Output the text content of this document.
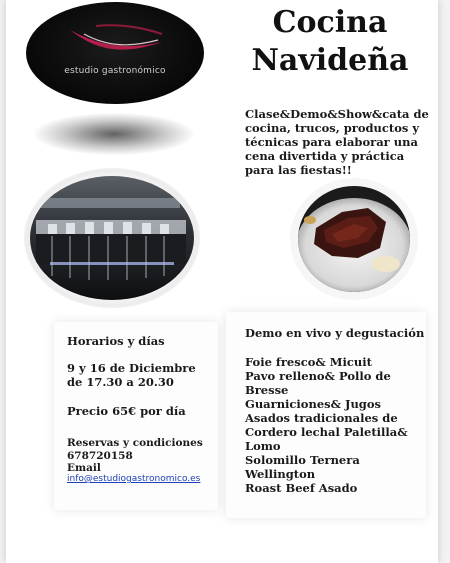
estudio gastronómico
Cocina
Navideña
Clase&Demo&Show&cata de cocina, trucos, productos y técnicas para elaborar una cena divertida y práctica para las fiestas!!
Horarios y días
9 y 16 de Diciembre
de 17.30 a 20.30
Precio 65€ por día
Reservas y condiciones
678720158
Email
info@estudiogastronomico.es
Demo en vivo y degustación
Foie fresco& Micuit
Pavo relleno& Pollo de
Bresse
Guarniciones& Jugos
Asados tradicionales de
Cordero lechal Paletilla&
Lomo
Solomillo Ternera
Wellington
Roast Beef Asado
